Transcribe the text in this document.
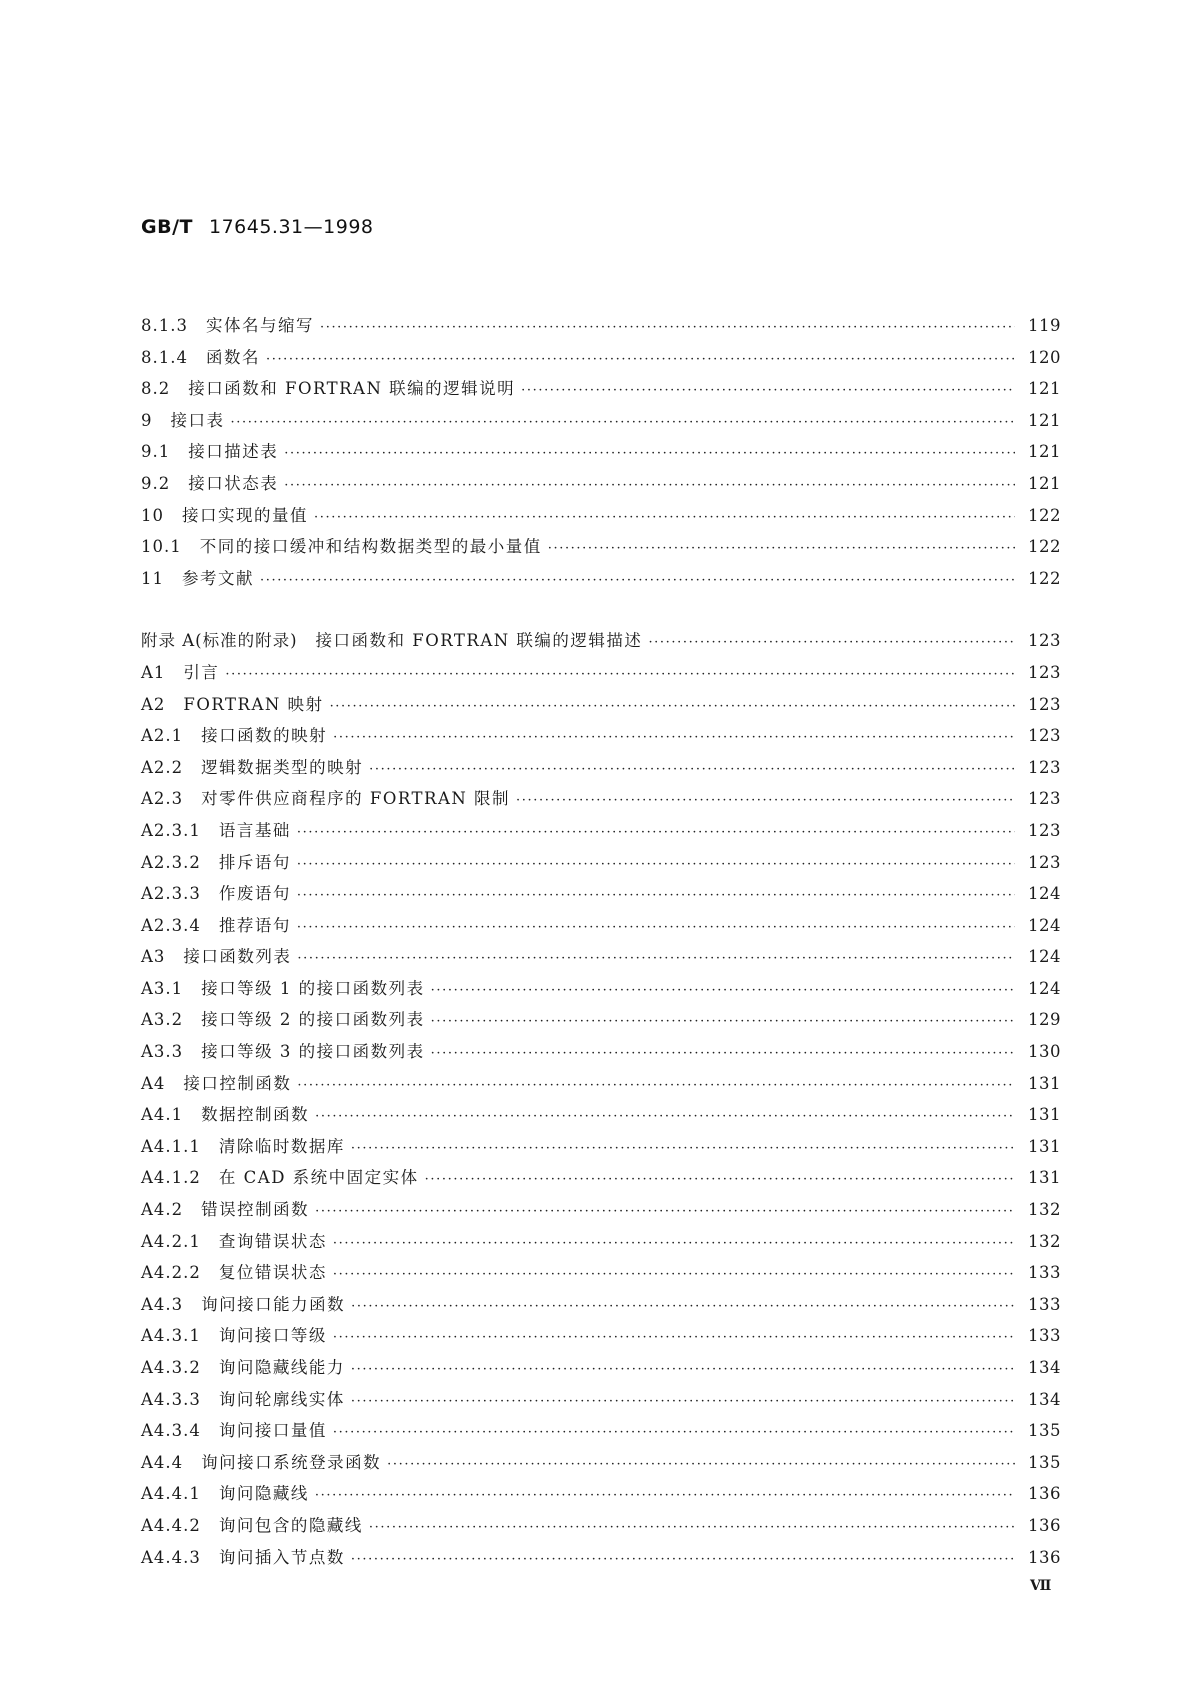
GB/T 17645.31—1998
8.1.3 实体名与缩写 ·····	119
8.1.4 函数名 ·····	120
8.2 接口函数和 FORTRAN 联编的逻辑说明 ·····	121
9 接口表 ·····	121
9.1 接口描述表 ·····	121
9.2 接口状态表 ·····	121
10 接口实现的量值 ·····	122
10.1 不同的接口缓冲和结构数据类型的最小量值 ·····	122
11 参考文献 ·····	122
附录 A(标准的附录) 接口函数和 FORTRAN 联编的逻辑描述 ·····	123
A1 引言 ·····	123
A2 FORTRAN 映射 ·····	123
A2.1 接口函数的映射 ·····	123
A2.2 逻辑数据类型的映射 ·····	123
A2.3 对零件供应商程序的 FORTRAN 限制 ·····	123
A2.3.1 语言基础 ·····	123
A2.3.2 排斥语句 ·····	123
A2.3.3 作废语句 ·····	124
A2.3.4 推荐语句 ·····	124
A3 接口函数列表 ·····	124
A3.1 接口等级 1 的接口函数列表 ·····	124
A3.2 接口等级 2 的接口函数列表 ·····	129
A3.3 接口等级 3 的接口函数列表 ·····	130
A4 接口控制函数 ·····	131
A4.1 数据控制函数 ·····	131
A4.1.1 清除临时数据库 ·····	131
A4.1.2 在 CAD 系统中固定实体 ·····	131
A4.2 错误控制函数 ·····	132
A4.2.1 查询错误状态 ·····	132
A4.2.2 复位错误状态 ·····	133
A4.3 询问接口能力函数 ·····	133
A4.3.1 询问接口等级 ·····	133
A4.3.2 询问隐藏线能力 ·····	134
A4.3.3 询问轮廓线实体 ·····	134
A4.3.4 询问接口量值 ·····	135
A4.4 询问接口系统登录函数 ·····	135
A4.4.1 询问隐藏线 ·····	136
A4.4.2 询问包含的隐藏线 ·····	136
A4.4.3 询问插入节点数 ·····	136
Ⅶ
